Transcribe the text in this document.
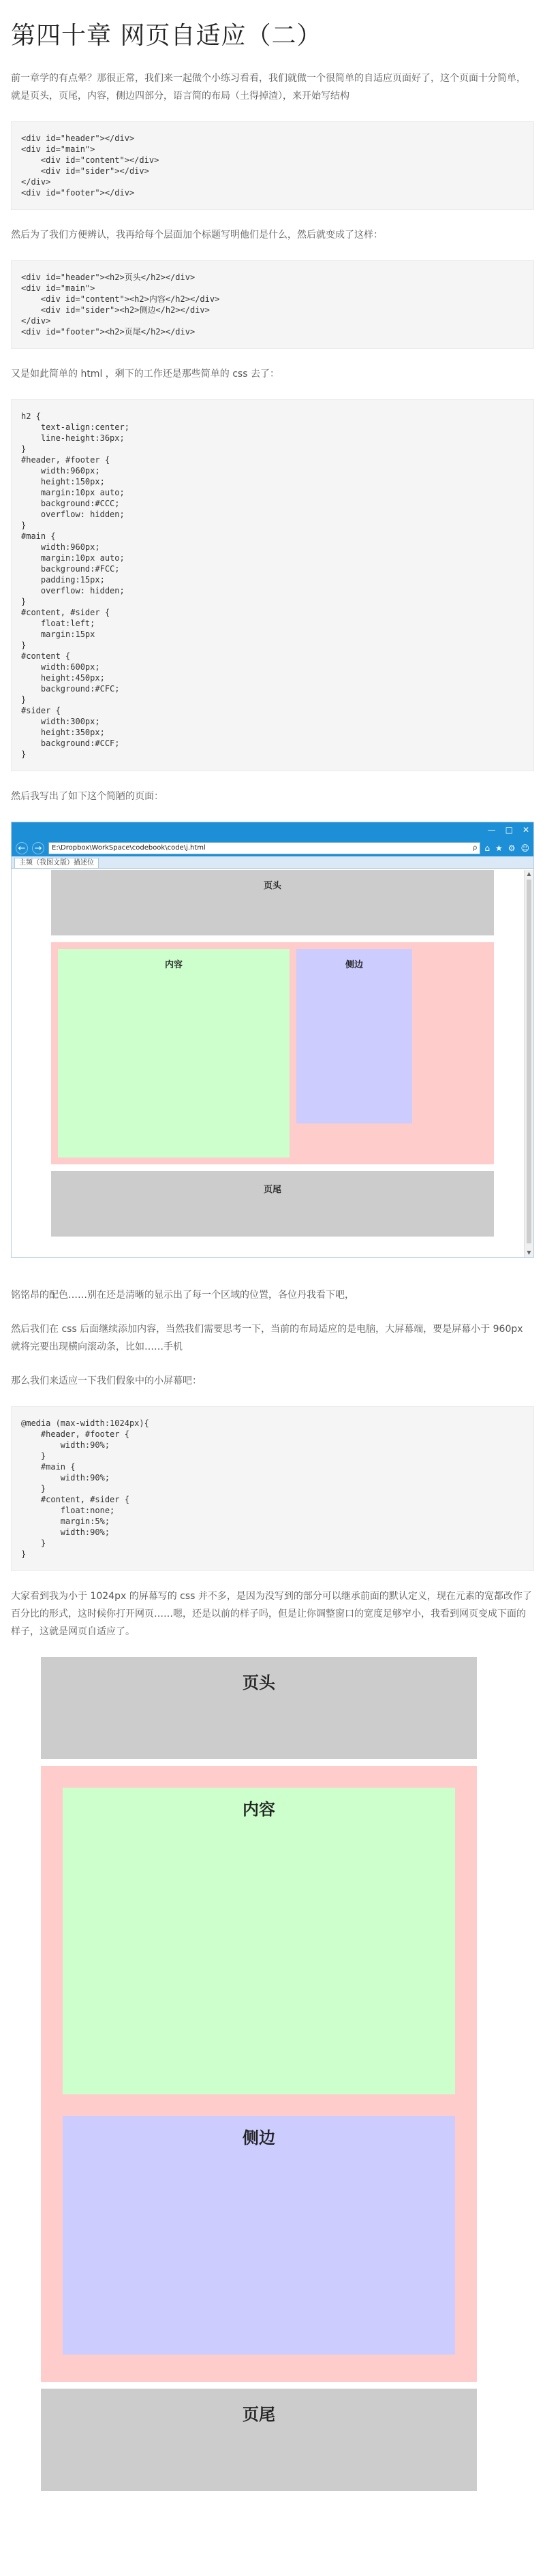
第四十章 网页自适应（二）

前一章学的有点晕？那很正常，我们来一起做个小练习看看，我们就做一个很简单的自适应页面好了，这个页面十分简单，就是页头，页尾，内容，侧边四部分，语言简的布局（土得掉渣），来开始写结构

<div id="header"></div>
<div id="main">
<div id="content"></div>
<div id="sider"></div>
</div>
<div id="footer"></div>

然后为了我们方便辨认，我再给每个层面加个标题写明他们是什么，然后就变成了这样：

<div id="header"><h2>页头</h2></div>
<div id="main">
<div id="content"><h2>内容</h2></div>
<div id="sider"><h2>侧边</h2></div>
</div>
<div id="footer"><h2>页尾</h2></div>

又是如此简单的 html ，剩下的工作还是那些简单的 css 去了：

h2 {
text-align:center;
line-height:36px;
}
#header, #footer {
width:960px;
height:150px;
margin:10px auto;
background:#CCC;
overflow: hidden;
}
#main {
width:960px;
margin:10px auto;
background:#FCC;
padding:15px;
overflow: hidden;
}
#content, #sider {
float:left;
margin:15px
}
#content {
width:600px;
height:450px;
background:#CFC;
}
#sider {
width:300px;
height:350px;
background:#CCF;
}

然后我写出了如下这个简陋的页面：

— □ ✕
← →	E:\Dropbox\WorkSpace\codebook\code\j.html	ρ ⌂ ★ ⚙ ☺
主频（我图文版）描述位
页头
内容	侧边
页尾
▲
▼

铭铭昂的配色……别在还是清晰的显示出了每一个区域的位置，各位丹我看下吧，

然后我们在 css 后面继续添加内容，当然我们需要思考一下，当前的布局适应的是电脑，大屏幕端，要是屏幕小于 960px 就将完要出现横向滚动条，比如……手机

那么我们来适应一下我们假象中的小屏幕吧：

@media (max-width:1024px){
#header, #footer {
width:90%;
}
#main {
width:90%;
}
#content, #sider {
float:none;
margin:5%;
width:90%;
}
}

大家看到我为小于 1024px 的屏幕写的 css 并不多，是因为没写到的部分可以继承前面的默认定义，现在元素的宽都改作了百分比的形式，这时候你打开网页……嗯，还是以前的样子吗，但是让你调整窗口的宽度足够窄小，我看到网页变成下面的样子，这就是网页自适应了。

页头
内容
侧边
页尾
